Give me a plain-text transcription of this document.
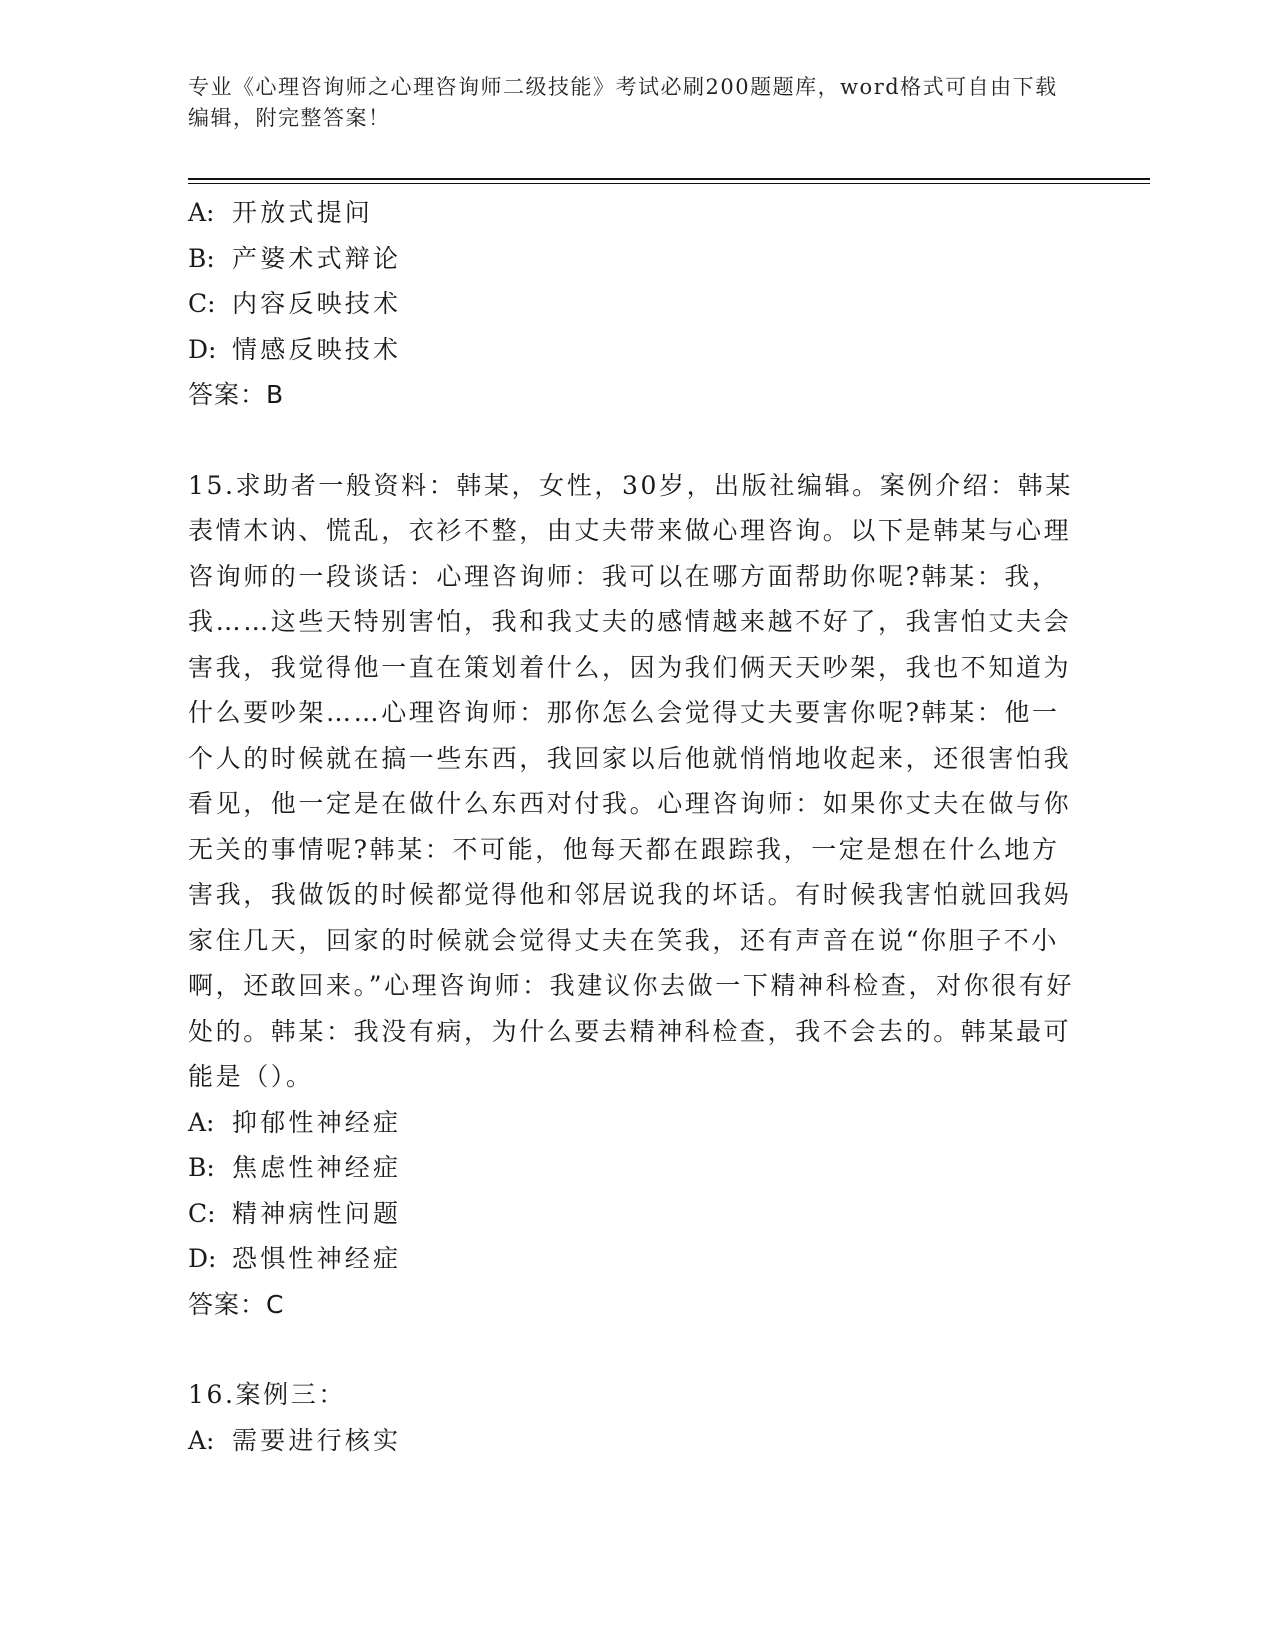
专业《心理咨询师之心理咨询师二级技能》考试必刷200题题库，word格式可自由下载编辑，附完整答案！

A: 开放式提问

B: 产婆术式辩论

C: 内容反映技术

D: 情感反映技术

答案：B

15.求助者一般资料：韩某，女性，30岁，出版社编辑。案例介绍：韩某表情木讷、慌乱，衣衫不整，由丈夫带来做心理咨询。以下是韩某与心理咨询师的一段谈话：心理咨询师：我可以在哪方面帮助你呢?韩某：我，我……这些天特别害怕，我和我丈夫的感情越来越不好了，我害怕丈夫会害我，我觉得他一直在策划着什么，因为我们俩天天吵架，我也不知道为什么要吵架……心理咨询师：那你怎么会觉得丈夫要害你呢?韩某：他一个人的时候就在搞一些东西，我回家以后他就悄悄地收起来，还很害怕我看见，他一定是在做什么东西对付我。心理咨询师：如果你丈夫在做与你无关的事情呢?韩某：不可能，他每天都在跟踪我，一定是想在什么地方害我，我做饭的时候都觉得他和邻居说我的坏话。有时候我害怕就回我妈家住几天，回家的时候就会觉得丈夫在笑我，还有声音在说“你胆子不小啊，还敢回来。”心理咨询师：我建议你去做一下精神科检查，对你很有好处的。韩某：我没有病，为什么要去精神科检查，我不会去的。韩某最可能是（）。

A: 抑郁性神经症

B: 焦虑性神经症

C: 精神病性问题

D: 恐惧性神经症

答案：C

16.案例三：

A: 需要进行核实
